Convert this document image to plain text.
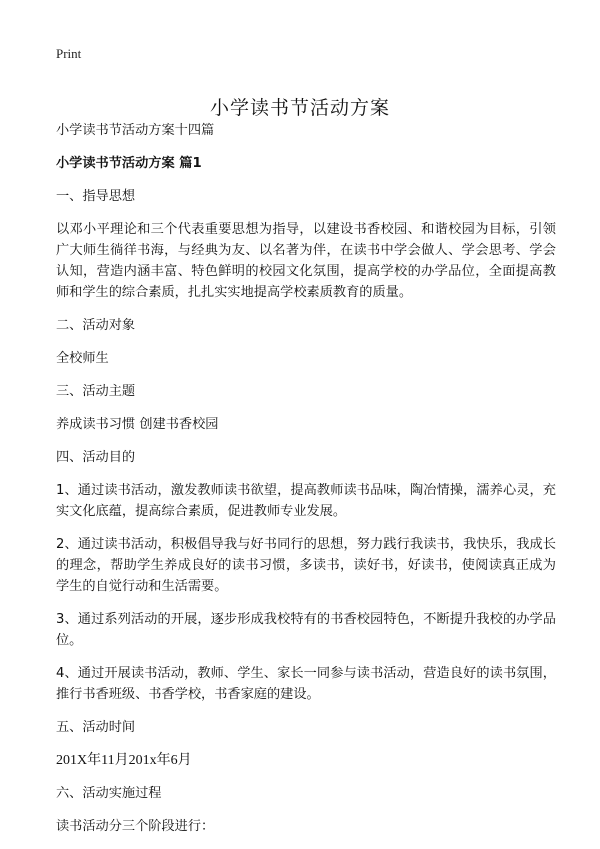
Print
小学读书节活动方案

小学读书节活动方案十四篇

小学读书节活动方案 篇1

一、指导思想

以邓小平理论和三个代表重要思想为指导，以建设书香校园、和谐校园为目标，引领广大师生徜徉书海，与经典为友、以名著为伴，在读书中学会做人、学会思考、学会认知，营造内涵丰富、特色鲜明的校园文化氛围，提高学校的办学品位，全面提高教师和学生的综合素质，扎扎实实地提高学校素质教育的质量。

二、活动对象

全校师生

三、活动主题

养成读书习惯 创建书香校园

四、活动目的

1、通过读书活动，激发教师读书欲望，提高教师读书品味，陶冶情操，濡养心灵，充实文化底蕴，提高综合素质，促进教师专业发展。

2、通过读书活动，积极倡导我与好书同行的思想，努力践行我读书，我快乐，我成长的理念，帮助学生养成良好的读书习惯，多读书，读好书，好读书，使阅读真正成为学生的自觉行动和生活需要。

3、通过系列活动的开展，逐步形成我校特有的书香校园特色，不断提升我校的办学品位。

4、通过开展读书活动，教师、学生、家长一同参与读书活动，营造良好的读书氛围，推行书香班级、书香学校，书香家庭的建设。

五、活动时间

201X年11月201x年6月

六、活动实施过程

读书活动分三个阶段进行：
